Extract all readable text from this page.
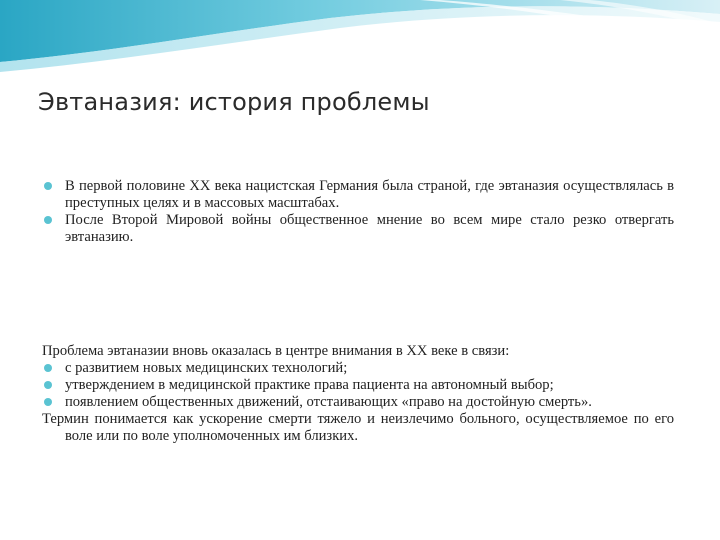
Эвтаназия: история проблемы

В первой половине XX века нацистская Германия была страной, где эвтаназия осуществлялась в преступных целях и в массовых масштабах.

После Второй Мировой войны общественное мнение во всем мире стало резко отвергать эвтаназию.

Проблема эвтаназии вновь оказалась в центре внимания в XX веке в связи:

с развитием новых медицинских технологий;

утверждением в медицинской практике права пациента на автономный выбор;

появлением общественных движений, отстаивающих «право на достойную смерть».

Термин понимается как ускорение смерти тяжело и неизлечимо больного, осуществляемое по его воле или по воле уполномоченных им близких.
